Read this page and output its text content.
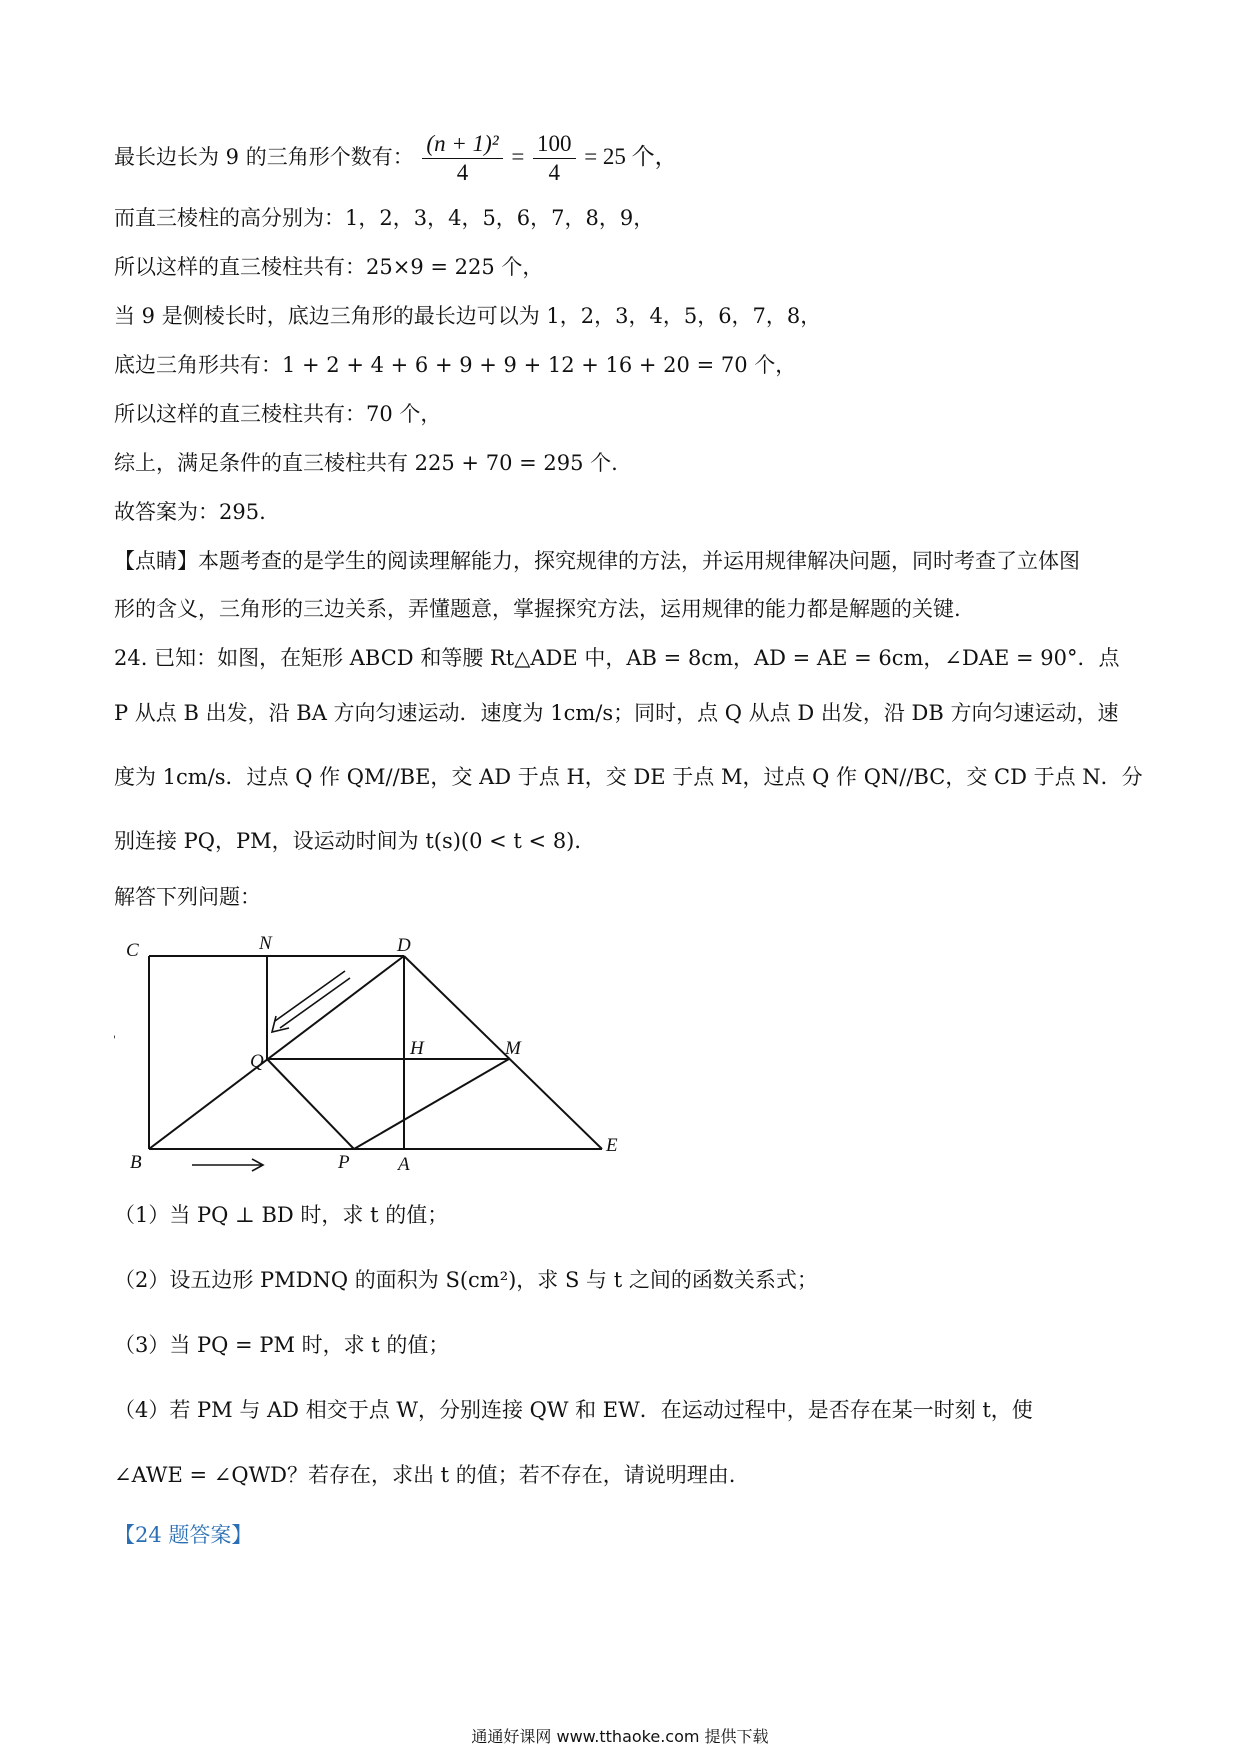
最长边长为 9 的三角形个数有： $\frac{\text{(n + 1)²}}{4} = \frac{100}{4} = 25$ 个，
而直三棱柱的高分别为：1，2，3，4，5，6，7，8，9，
所以这样的直三棱柱共有：25×9 = 225 个，
当 9 是侧棱长时，底边三角形的最长边可以为 1，2，3，4，5，6，7，8，
底边三角形共有：1 + 2 + 4 + 6 + 9 + 9 + 12 + 16 + 20 = 70 个，
所以这样的直三棱柱共有：70 个，
综上，满足条件的直三棱柱共有 225 + 70 = 295 个.
故答案为：295.
【点睛】本题考查的是学生的阅读理解能力，探究规律的方法，并运用规律解决问题，同时考查了立体图
形的含义，三角形的三边关系，弄懂题意，掌握探究方法，运用规律的能力都是解题的关键.
24. 已知：如图，在矩形 ABCD 和等腰 Rt△ADE 中，AB = 8cm，AD = AE = 6cm，∠DAE = 90°．点
P 从点 B 出发，沿 BA 方向匀速运动．速度为 1cm/s；同时，点 Q 从点 D 出发，沿 DB 方向匀速运动，速
度为 1cm/s．过点 Q 作 QM//BE，交 AD 于点 H，交 DE 于点 M，过点 Q 作 QN//BC，交 CD 于点 N．分
别连接 PQ，PM，设运动时间为 t(s)(0 < t < 8)．
解答下列问题：
'
C	N	D
Q
H	M
B	P	A
E
（1）当 PQ ⊥ BD 时，求 t 的值；
（2）设五边形 PMDNQ 的面积为 S(cm²)，求 S 与 t 之间的函数关系式；
（3）当 PQ = PM 时，求 t 的值；
（4）若 PM 与 AD 相交于点 W，分别连接 QW 和 EW．在运动过程中，是否存在某一时刻 t，使
∠AWE = ∠QWD？若存在，求出 t 的值；若不存在，请说明理由.
【24 题答案】
通通好课网 www.tthaoke.com 提供下载
